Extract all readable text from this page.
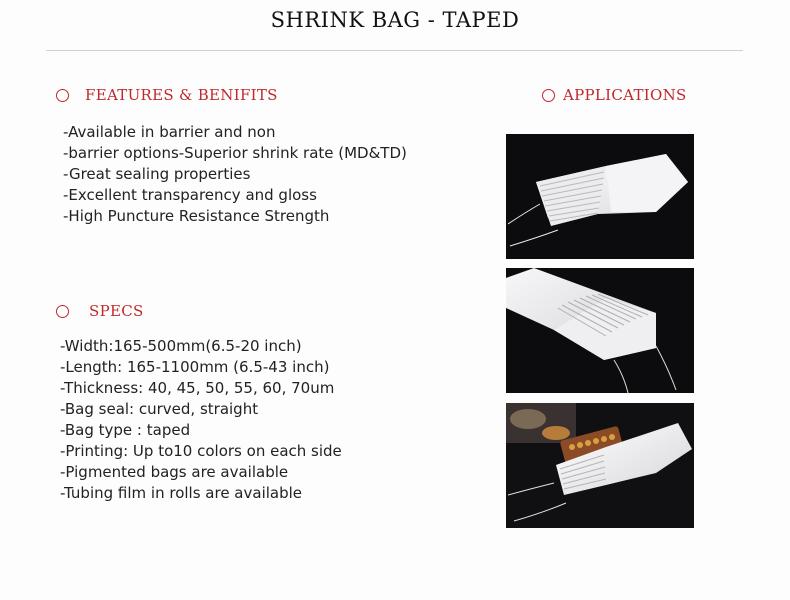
SHRINK BAG - TAPED
FEATURES & BENIFITS
-Available in barrier and non
-barrier options-Superior shrink rate (MD&TD)
-Great sealing properties
-Excellent transparency and gloss
-High Puncture Resistance Strength
APPLICATIONS
SPECS
-Width:165-500mm(6.5-20 inch)
-Length: 165-1100mm (6.5-43 inch)
-Thickness: 40, 45, 50, 55, 60, 70um
-Bag seal: curved, straight
-Bag type : taped
-Printing: Up to10 colors on each side
-Pigmented bags are available
-Tubing film in rolls are available
